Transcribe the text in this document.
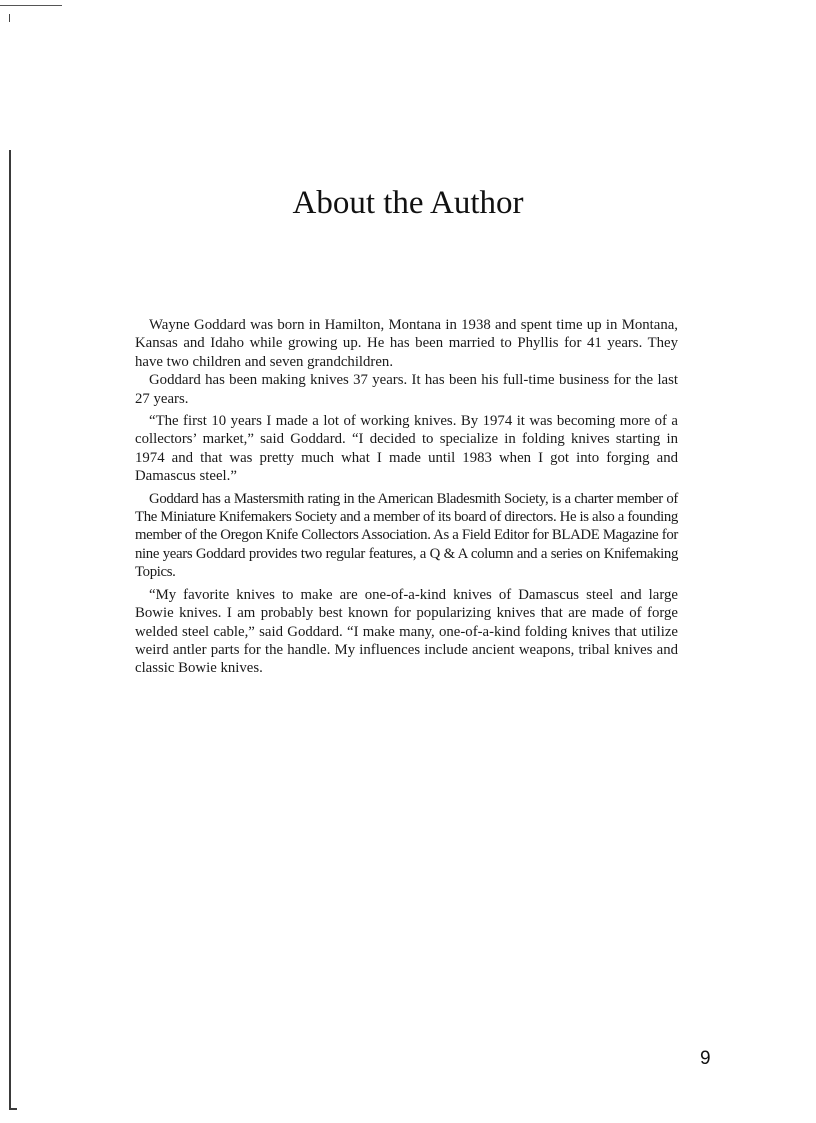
About the Author

Wayne Goddard was born in Hamilton, Montana in 1938 and spent time up in Montana, Kansas and Idaho while growing up. He has been married to Phyllis for 41 years. They have two children and seven grandchildren.

Goddard has been making knives 37 years. It has been his full-time business for the last 27 years.

“The first 10 years I made a lot of working knives. By 1974 it was becoming more of a collectors’ market,” said Goddard. “I decided to specialize in folding knives starting in 1974 and that was pretty much what I made until 1983 when I got into forging and Damascus steel.”

Goddard has a Mastersmith rating in the American Bladesmith Society, is a charter member of The Miniature Knifemakers Society and a member of its board of directors. He is also a founding member of the Oregon Knife Collectors Association. As a Field Editor for BLADE Magazine for nine years Goddard provides two regular features, a Q & A column and a series on Knifemaking Topics.

“My favorite knives to make are one-of-a-kind knives of Damascus steel and large Bowie knives. I am probably best known for popularizing knives that are made of forge welded steel cable,” said Goddard. “I make many, one-of-a-kind folding knives that utilize weird antler parts for the handle. My influences include ancient weapons, tribal knives and classic Bowie knives.

9
